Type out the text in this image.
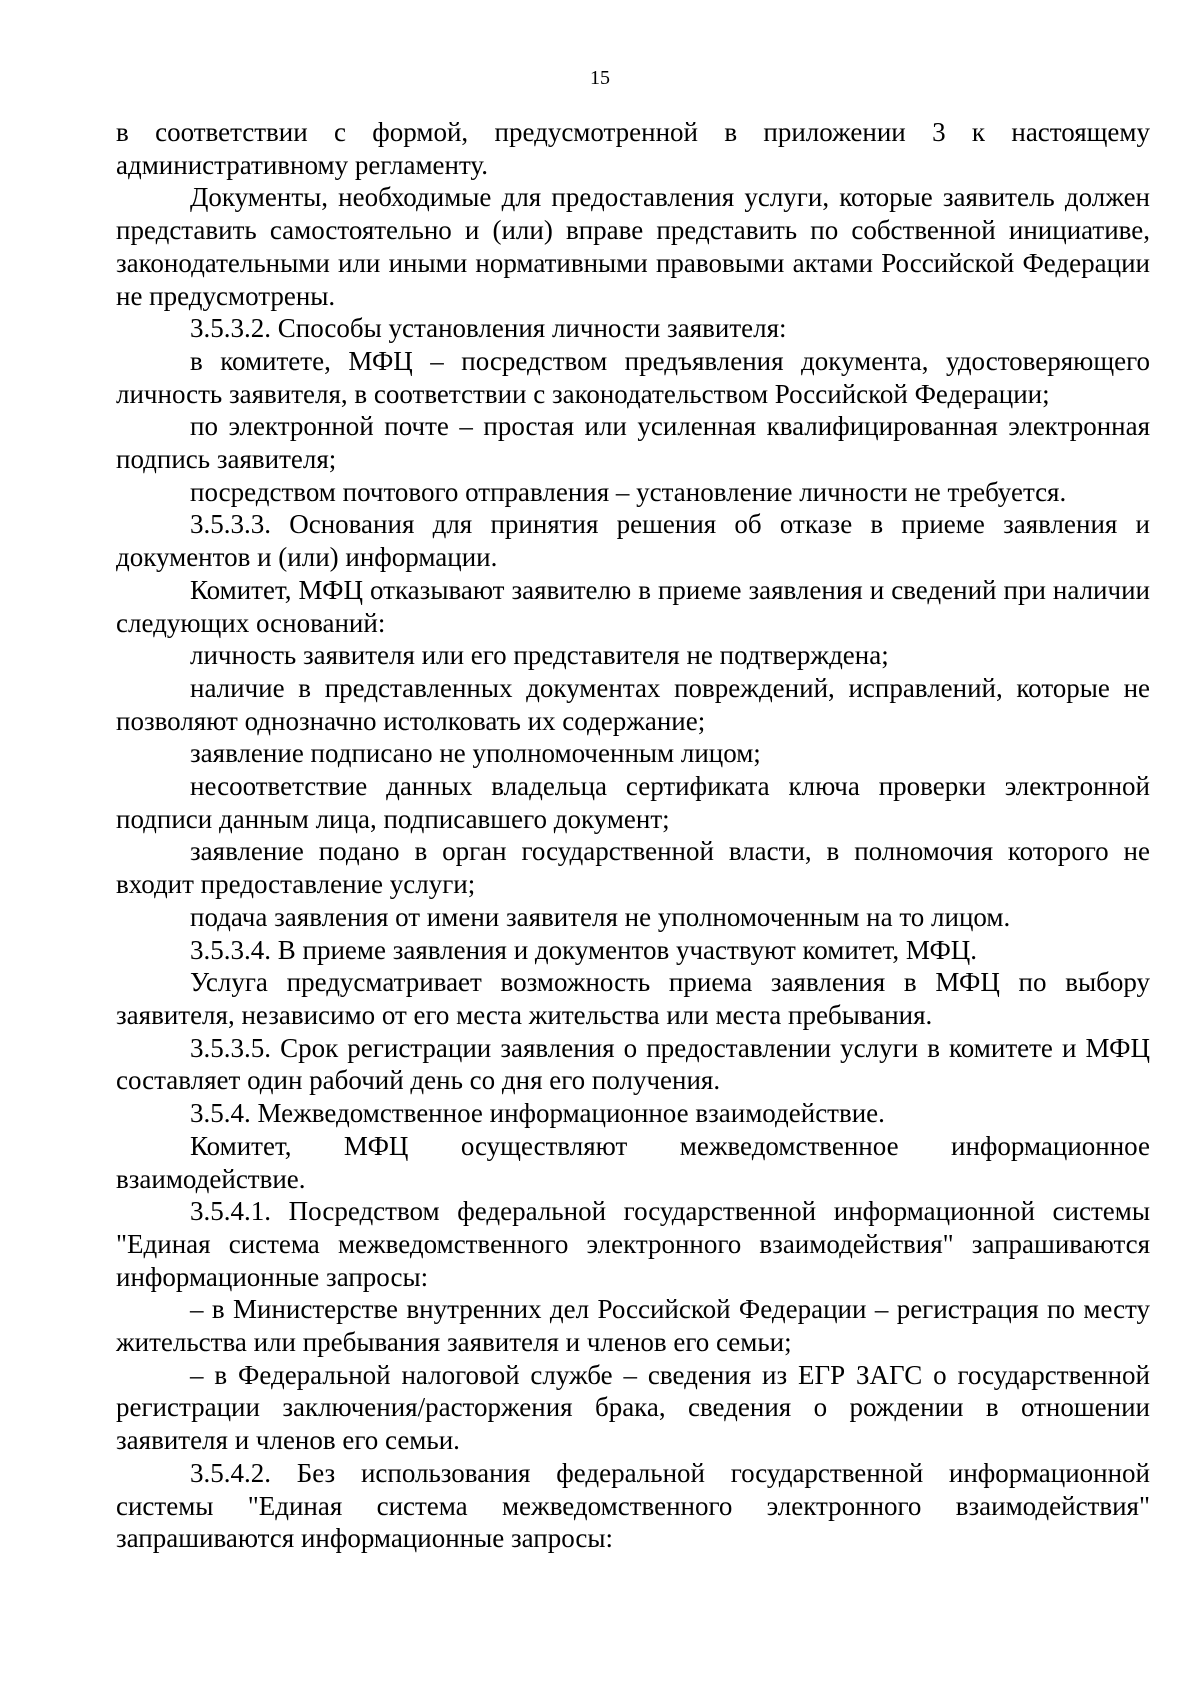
15

в соответствии с формой, предусмотренной в приложении 3 к настоящему административному регламенту.

Документы, необходимые для предоставления услуги, которые заявитель должен представить самостоятельно и (или) вправе представить по собственной инициативе, законодательными или иными нормативными правовыми актами Российской Федерации не предусмотрены.

3.5.3.2. Способы установления личности заявителя:

в комитете, МФЦ – посредством предъявления документа, удостоверяющего личность заявителя, в соответствии с законодательством Российской Федерации;

по электронной почте – простая или усиленная квалифицированная электронная подпись заявителя;

посредством почтового отправления – установление личности не требуется.

3.5.3.3. Основания для принятия решения об отказе в приеме заявления и документов и (или) информации.

Комитет, МФЦ отказывают заявителю в приеме заявления и сведений при наличии следующих оснований:

личность заявителя или его представителя не подтверждена;

наличие в представленных документах повреждений, исправлений, которые не позволяют однозначно истолковать их содержание;

заявление подписано не уполномоченным лицом;

несоответствие данных владельца сертификата ключа проверки электронной подписи данным лица, подписавшего документ;

заявление подано в орган государственной власти, в полномочия которого не входит предоставление услуги;

подача заявления от имени заявителя не уполномоченным на то лицом.

3.5.3.4. В приеме заявления и документов участвуют комитет, МФЦ.

Услуга предусматривает возможность приема заявления в МФЦ по выбору заявителя, независимо от его места жительства или места пребывания.

3.5.3.5. Срок регистрации заявления о предоставлении услуги в комитете и МФЦ составляет один рабочий день со дня его получения.

3.5.4. Межведомственное информационное взаимодействие.

Комитет, МФЦ осуществляют межведомственное информационное взаимодействие.

3.5.4.1. Посредством федеральной государственной информационной системы "Единая система межведомственного электронного взаимодействия" запрашиваются информационные запросы:

– в Министерстве внутренних дел Российской Федерации – регистрация по месту жительства или пребывания заявителя и членов его семьи;

– в Федеральной налоговой службе – сведения из ЕГР ЗАГС о государственной регистрации заключения/расторжения брака, сведения о рождении в отношении заявителя и членов его семьи.

3.5.4.2. Без использования федеральной государственной информационной системы "Единая система межведомственного электронного взаимодействия" запрашиваются информационные запросы:
